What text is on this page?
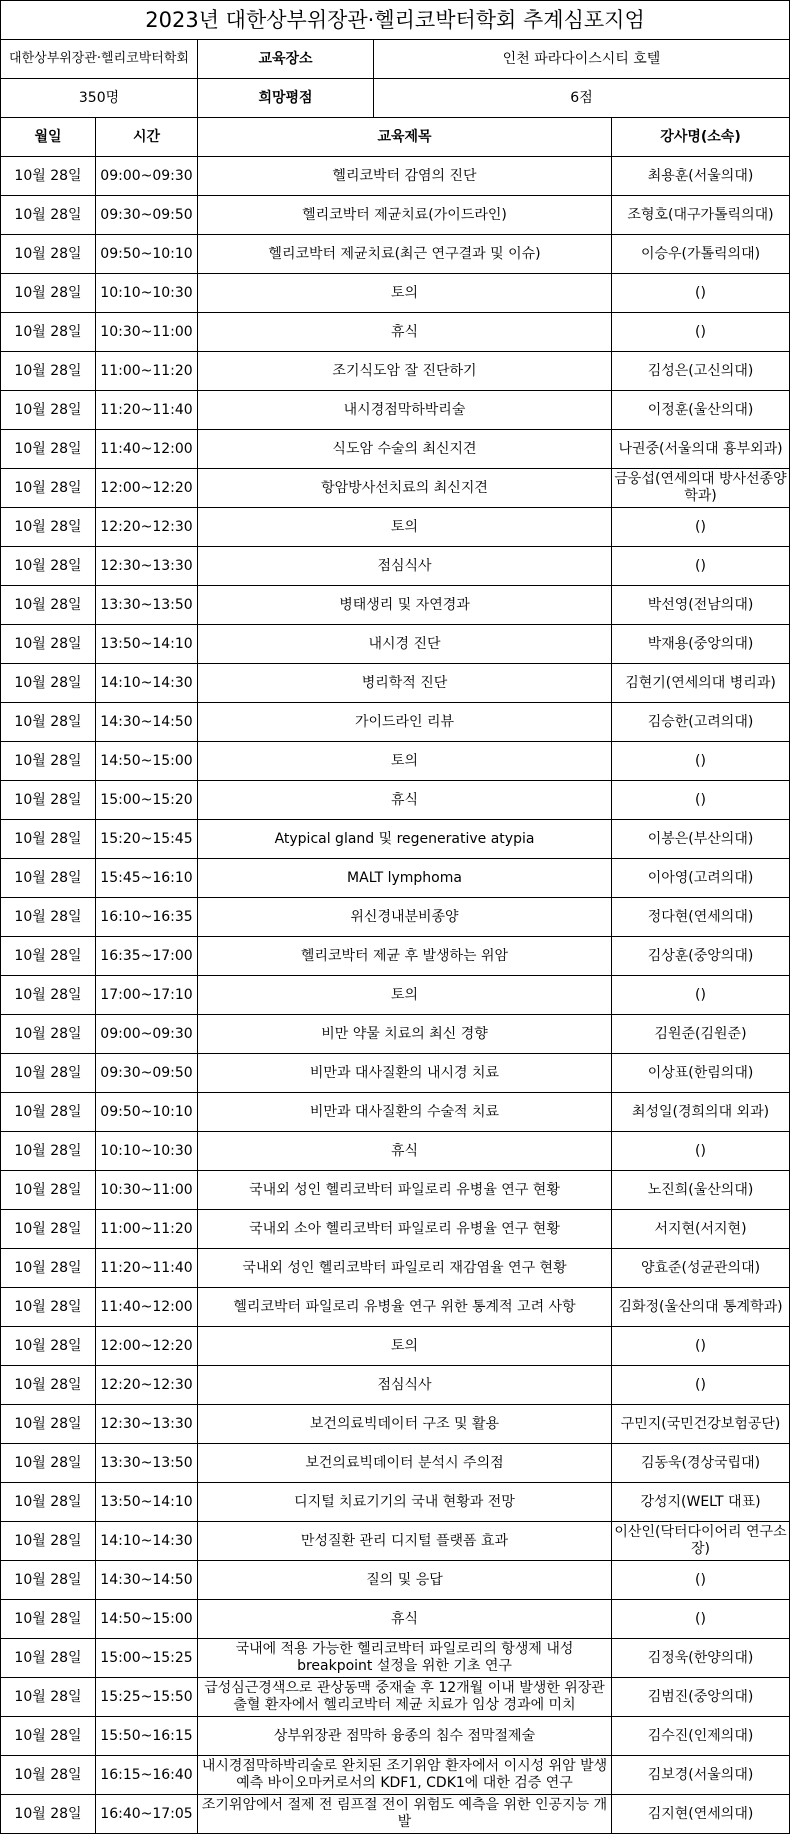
2023년 대한상부위장관·헬리코박터학회 추계심포지엄				
대한상부위장관·헬리코박터학회		교육장소	인천 파라다이스시티 호텔	
350명		희망평점	6점	
월일	시간	교육제목		강사명(소속)

10월 28일	09:00~09:30	헬리코박터 감염의 진단		최용훈(서울의대)

10월 28일	09:30~09:50	헬리코박터 제균치료(가이드라인)		조형호(대구가톨릭의대)

10월 28일	09:50~10:10	헬리코박터 제균치료(최근 연구결과 및 이슈)		이승우(가톨릭의대)

10월 28일	10:10~10:30	토의		()

10월 28일	10:30~11:00	휴식		()

10월 28일	11:00~11:20	조기식도암 잘 진단하기		김성은(고신의대)

10월 28일	11:20~11:40	내시경점막하박리술		이정훈(울산의대)

10월 28일	11:40~12:00	식도암 수술의 최신지견		나권중(서울의대 흉부외과)

10월 28일	12:00~12:20	항암방사선치료의 최신지견		금웅섭(연세의대 방사선종양학과)

10월 28일	12:20~12:30	토의		()

10월 28일	12:30~13:30	점심식사		()

10월 28일	13:30~13:50	병태생리 및 자연경과		박선영(전남의대)

10월 28일	13:50~14:10	내시경 진단		박재용(중앙의대)

10월 28일	14:10~14:30	병리학적 진단		김현기(연세의대 병리과)

10월 28일	14:30~14:50	가이드라인 리뷰		김승한(고려의대)

10월 28일	14:50~15:00	토의		()

10월 28일	15:00~15:20	휴식		()

10월 28일	15:20~15:45	Atypical gland 및 regenerative atypia		이봉은(부산의대)

10월 28일	15:45~16:10	MALT lymphoma		이아영(고려의대)

10월 28일	16:10~16:35	위신경내분비종양		정다현(연세의대)

10월 28일	16:35~17:00	헬리코박터 제균 후 발생하는 위암		김상훈(중앙의대)

10월 28일	17:00~17:10	토의		()

10월 28일	09:00~09:30	비만 약물 치료의 최신 경향		김원준(김원준)

10월 28일	09:30~09:50	비만과 대사질환의 내시경 치료		이상표(한림의대)

10월 28일	09:50~10:10	비만과 대사질환의 수술적 치료		최성일(경희의대 외과)

10월 28일	10:10~10:30	휴식		()

10월 28일	10:30~11:00	국내외 성인 헬리코박터 파일로리 유병율 연구 현황		노진희(울산의대)

10월 28일	11:00~11:20	국내외 소아 헬리코박터 파일로리 유병율 연구 현황		서지현(서지현)

10월 28일	11:20~11:40	국내외 성인 헬리코박터 파일로리 재감염율 연구 현황		양효준(성균관의대)

10월 28일	11:40~12:00	헬리코박터 파일로리 유병율 연구 위한 통계적 고려 사항		김화정(울산의대 통계학과)

10월 28일	12:00~12:20	토의		()

10월 28일	12:20~12:30	점심식사		()

10월 28일	12:30~13:30	보건의료빅데이터 구조 및 활용		구민지(국민건강보험공단)

10월 28일	13:30~13:50	보건의료빅데이터 분석시 주의점		김동욱(경상국립대)

10월 28일	13:50~14:10	디지털 치료기기의 국내 현황과 전망		강성지(WELT 대표)

10월 28일	14:10~14:30	만성질환 관리 디지털 플랫폼 효과		이산인(닥터다이어리 연구소장)

10월 28일	14:30~14:50	질의 및 응답		()

10월 28일	14:50~15:00	휴식		()

10월 28일	15:00~15:25	국내에 적용 가능한 헬리코박터 파일로리의 항생제 내성 breakpoint 설정을 위한 기초 연구		김정욱(한양의대)

10월 28일	15:25~15:50	급성심근경색으로 관상동맥 중재술 후 12개월 이내 발생한 위장관 출혈 환자에서 헬리코박터 제균 치료가 임상 경과에 미치		김범진(중앙의대)

10월 28일	15:50~16:15	상부위장관 점막하 융종의 침수 점막절제술		김수진(인제의대)

10월 28일	16:15~16:40	내시경점막하박리술로 완치된 조기위암 환자에서 이시성 위암 발생 예측 바이오마커로서의 KDF1, CDK1에 대한 검증 연구		김보경(서울의대)

10월 28일	16:40~17:05	조기위암에서 절제 전 림프절 전이 위험도 예측을 위한 인공지능 개발		김지현(연세의대)
